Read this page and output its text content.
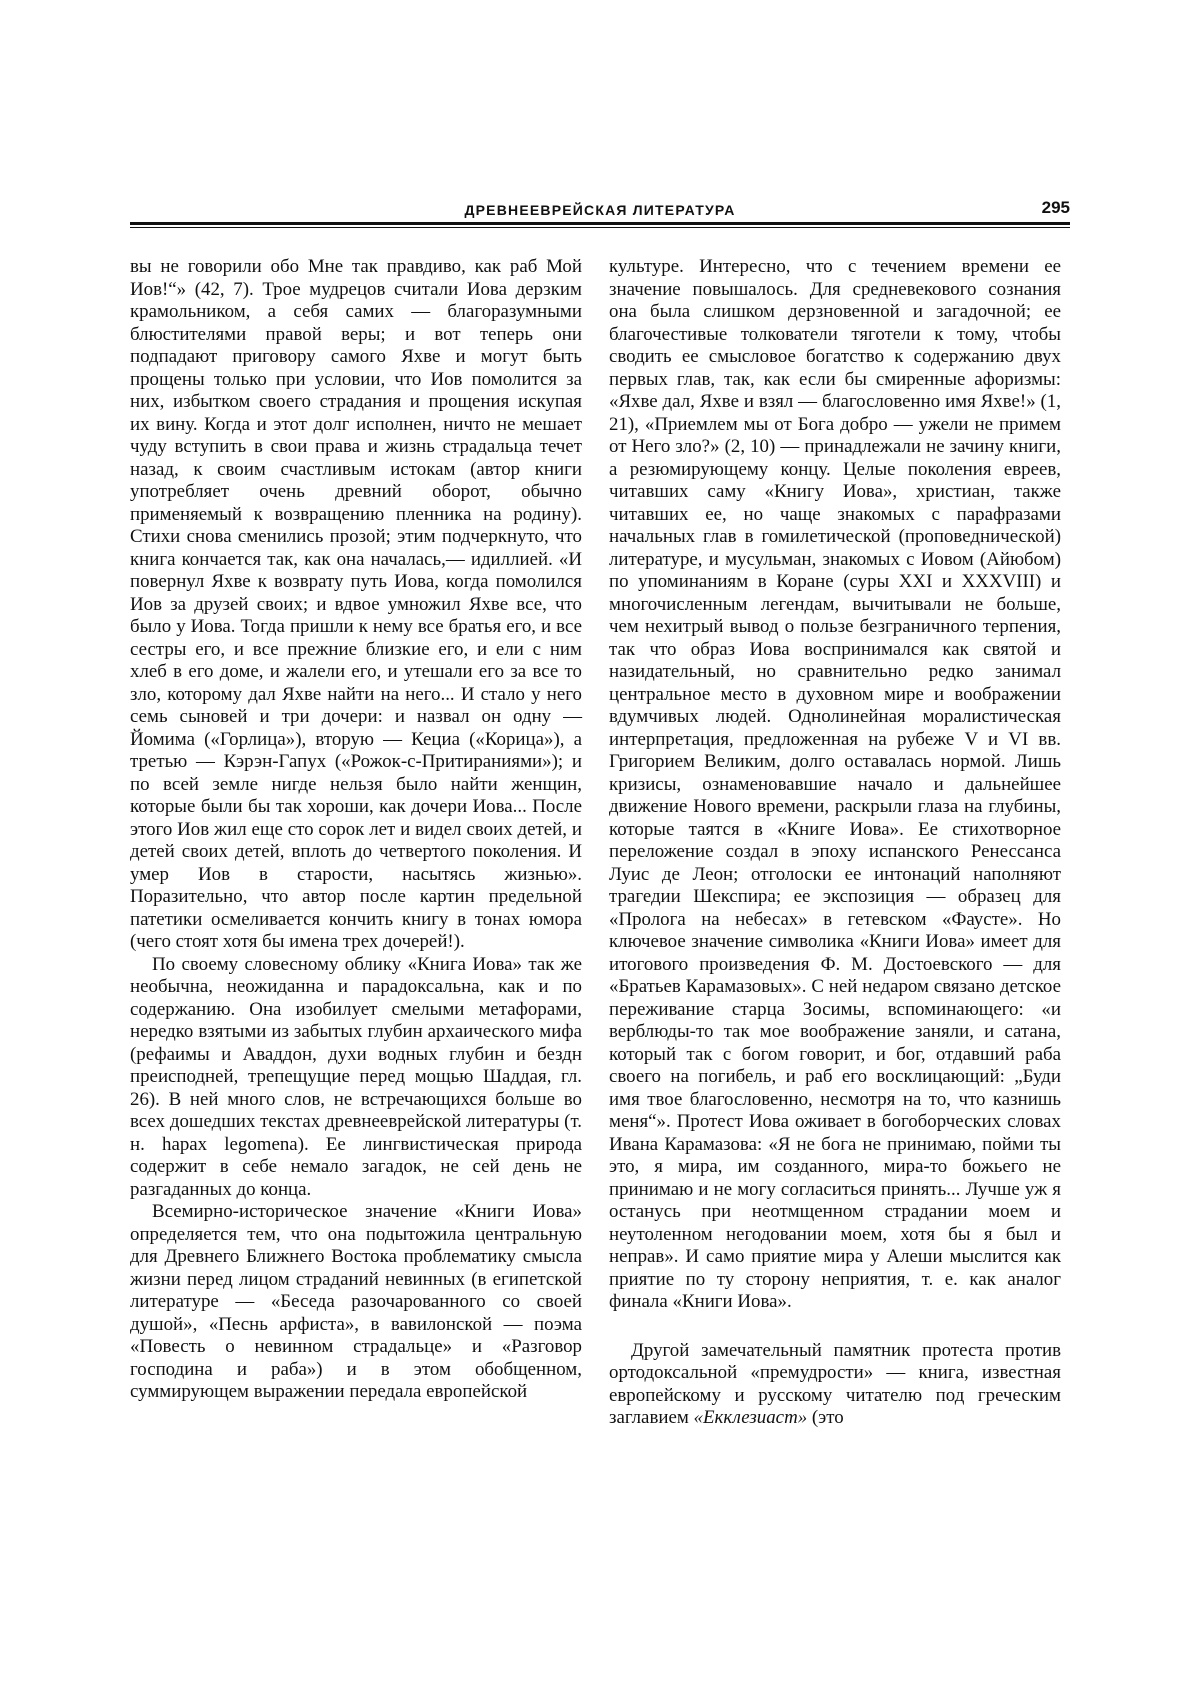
ДРЕВНЕЕВРЕЙСКАЯ ЛИТЕРАТУРА	295

вы не говорили обо Мне так правдиво, как раб Мой Иов!“» (42, 7). Трое мудрецов считали Иова дерзким крамольником, а себя самих — благоразумными блюстителями правой веры; и вот теперь они подпадают приговору самого Яхве и могут быть прощены только при условии, что Иов помолится за них, избытком своего страдания и прощения искупая их вину. Когда и этот долг исполнен, ничто не мешает чуду вступить в свои права и жизнь страдальца течет назад, к своим счастливым истокам (автор книги употребляет очень древний оборот, обычно применяемый к возвращению пленника на родину). Стихи снова сменились прозой; этим подчеркнуто, что книга кончается так, как она началась,— идиллией. «И повернул Яхве к возврату путь Иова, когда помолился Иов за друзей своих; и вдвое умножил Яхве все, что было у Иова. Тогда пришли к нему все братья его, и все сестры его, и все прежние близкие его, и ели с ним хлеб в его доме, и жалели его, и утешали его за все то зло, которому дал Яхве найти на него... И стало у него семь сыновей и три дочери: и назвал он одну — Йомима («Горлица»), вторую — Кециа («Корица»), а третью — Кэрэн-Гапух («Рожок-с-Притираниями»); и по всей земле нигде нельзя было найти женщин, которые были бы так хороши, как дочери Иова... После этого Иов жил еще сто сорок лет и видел своих детей, и детей своих детей, вплоть до четвертого поколения. И умер Иов в старости, насытясь жизнью». Поразительно, что автор после картин предельной патетики осмеливается кончить книгу в тонах юмора (чего стоят хотя бы имена трех дочерей!).

По своему словесному облику «Книга Иова» так же необычна, неожиданна и парадоксальна, как и по содержанию. Она изобилует смелыми метафорами, нередко взятыми из забытых глубин архаического мифа (рефаимы и Аваддон, духи водных глубин и бездн преисподней, трепещущие перед мощью Шаддая, гл. 26). В ней много слов, не встречающихся больше во всех дошедших текстах древнееврейской литературы (т. н. hapax legomena). Ее лингвистическая природа содержит в себе немало загадок, не сей день не разгаданных до конца.

Всемирно-историческое значение «Книги Иова» определяется тем, что она подытожила центральную для Древнего Ближнего Востока проблематику смысла жизни перед лицом страданий невинных (в египетской литературе — «Беседа разочарованного со своей душой», «Песнь арфиста», в вавилонской — поэма «Повесть о невинном страдальце» и «Разговор господина и раба») и в этом обобщенном, суммирующем выражении передала европейской

культуре. Интересно, что с течением времени ее значение повышалось. Для средневекового сознания она была слишком дерзновенной и загадочной; ее благочестивые толкователи тяготели к тому, чтобы сводить ее смысловое богатство к содержанию двух первых глав, так, как если бы смиренные афоризмы: «Яхве дал, Яхве и взял — благословенно имя Яхве!» (1, 21), «Приемлем мы от Бога добро — ужели не примем от Него зло?» (2, 10) — принадлежали не зачину книги, а резюмирующему концу. Целые поколения евреев, читавших саму «Книгу Иова», христиан, также читавших ее, но чаще знакомых с парафразами начальных глав в гомилетической (проповеднической) литературе, и мусульман, знакомых с Иовом (Айюбом) по упоминаниям в Коране (суры XXI и XXXVIII) и многочисленным легендам, вычитывали не больше, чем нехитрый вывод о пользе безграничного терпения, так что образ Иова воспринимался как святой и назидательный, но сравнительно редко занимал центральное место в духовном мире и воображении вдумчивых людей. Однолинейная моралистическая интерпретация, предложенная на рубеже V и VI вв. Григорием Великим, долго оставалась нормой. Лишь кризисы, ознаменовавшие начало и дальнейшее движение Нового времени, раскрыли глаза на глубины, которые таятся в «Книге Иова». Ее стихотворное переложение создал в эпоху испанского Ренессанса Луис де Леон; отголоски ее интонаций наполняют трагедии Шекспира; ее экспозиция — образец для «Пролога на небесах» в гетевском «Фаусте». Но ключевое значение символика «Книги Иова» имеет для итогового произведения Ф. М. Достоевского — для «Братьев Карамазовых». С ней недаром связано детское переживание старца Зосимы, вспоминающего: «и верблюды-то так мое воображение заняли, и сатана, который так с богом говорит, и бог, отдавший раба своего на погибель, и раб его восклицающий: „Буди имя твое благословенно, несмотря на то, что казнишь меня“». Протест Иова оживает в богоборческих словах Ивана Карамазова: «Я не бога не принимаю, пойми ты это, я мира, им созданного, мира-то божьего не принимаю и не могу согласиться принять... Лучше уж я останусь при неотмщенном страдании моем и неутоленном негодовании моем, хотя бы я был и неправ». И само приятие мира у Алеши мыслится как приятие по ту сторону неприятия, т. е. как аналог финала «Книги Иова».

Другой замечательный памятник протеста против ортодоксальной «премудрости» — книга, известная европейскому и русскому читателю под греческим заглавием «Екклезиаст» (это
